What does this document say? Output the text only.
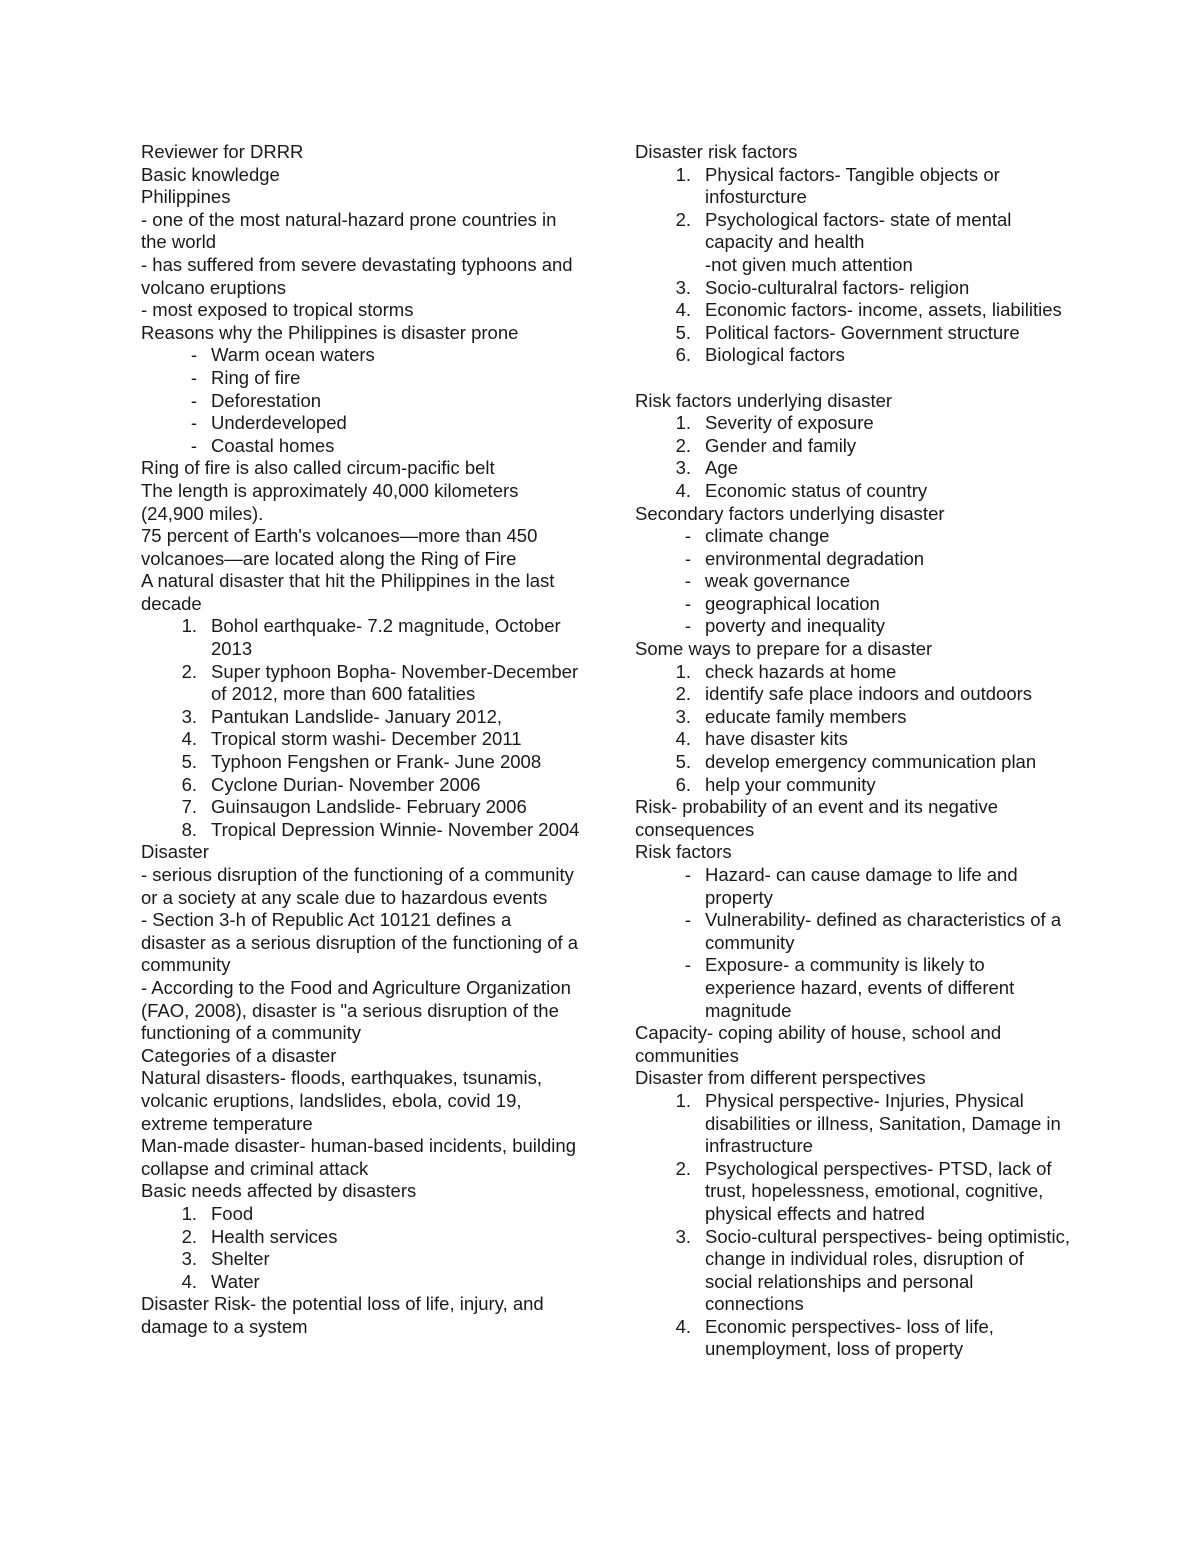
Reviewer for DRRR

Basic knowledge

Philippines

- one of the most natural-hazard prone countries in the world

- has suffered from severe devastating typhoons and volcano eruptions

- most exposed to tropical storms

Reasons why the Philippines is disaster prone

- Warm ocean waters
- Ring of fire
- Deforestation
- Underdeveloped
- Coastal homes

Ring of fire is also called circum-pacific belt

The length is approximately 40,000 kilometers (24,900 miles).

75 percent of Earth's volcanoes—more than 450 volcanoes—are located along the Ring of Fire

A natural disaster that hit the Philippines in the last decade

1. Bohol earthquake- 7.2 magnitude, October 2013
2. Super typhoon Bopha- November-December of 2012, more than 600 fatalities
3. Pantukan Landslide- January 2012,
4. Tropical storm washi- December 2011
5. Typhoon Fengshen or Frank- June 2008
6. Cyclone Durian- November 2006
7. Guinsaugon Landslide- February 2006
8. Tropical Depression Winnie- November 2004

Disaster

- serious disruption of the functioning of a community or a society at any scale due to hazardous events

- Section 3-h of Republic Act 10121 defines a disaster as a serious disruption of the functioning of a community

- According to the Food and Agriculture Organization (FAO, 2008), disaster is "a serious disruption of the functioning of a community

Categories of a disaster

Natural disasters- floods, earthquakes, tsunamis, volcanic eruptions, landslides, ebola, covid 19, extreme temperature

Man-made disaster- human-based incidents, building collapse and criminal attack

Basic needs affected by disasters

1. Food
2. Health services
3. Shelter
4. Water

Disaster Risk- the potential loss of life, injury, and damage to a system

Disaster risk factors

1. Physical factors- Tangible objects or infosturcture
2. Psychological factors- state of mental capacity and health
-not given much attention
3. Socio-culturalral factors- religion
4. Economic factors- income, assets, liabilities
5. Political factors- Government structure
6. Biological factors

Risk factors underlying disaster

1. Severity of exposure
2. Gender and family
3. Age
4. Economic status of country

Secondary factors underlying disaster

- climate change
- environmental degradation
- weak governance
- geographical location
- poverty and inequality

Some ways to prepare for a disaster

1. check hazards at home
2. identify safe place indoors and outdoors
3. educate family members
4. have disaster kits
5. develop emergency communication plan
6. help your community

Risk- probability of an event and its negative consequences

Risk factors

- Hazard- can cause damage to life and property
- Vulnerability- defined as characteristics of a community
- Exposure- a community is likely to experience hazard, events of different magnitude

Capacity- coping ability of house, school and communities

Disaster from different perspectives

1. Physical perspective- Injuries, Physical disabilities or illness, Sanitation, Damage in infrastructure
2. Psychological perspectives- PTSD, lack of trust, hopelessness, emotional, cognitive, physical effects and hatred
3. Socio-cultural perspectives- being optimistic, change in individual roles, disruption of social relationships and personal connections
4. Economic perspectives- loss of life, unemployment, loss of property
